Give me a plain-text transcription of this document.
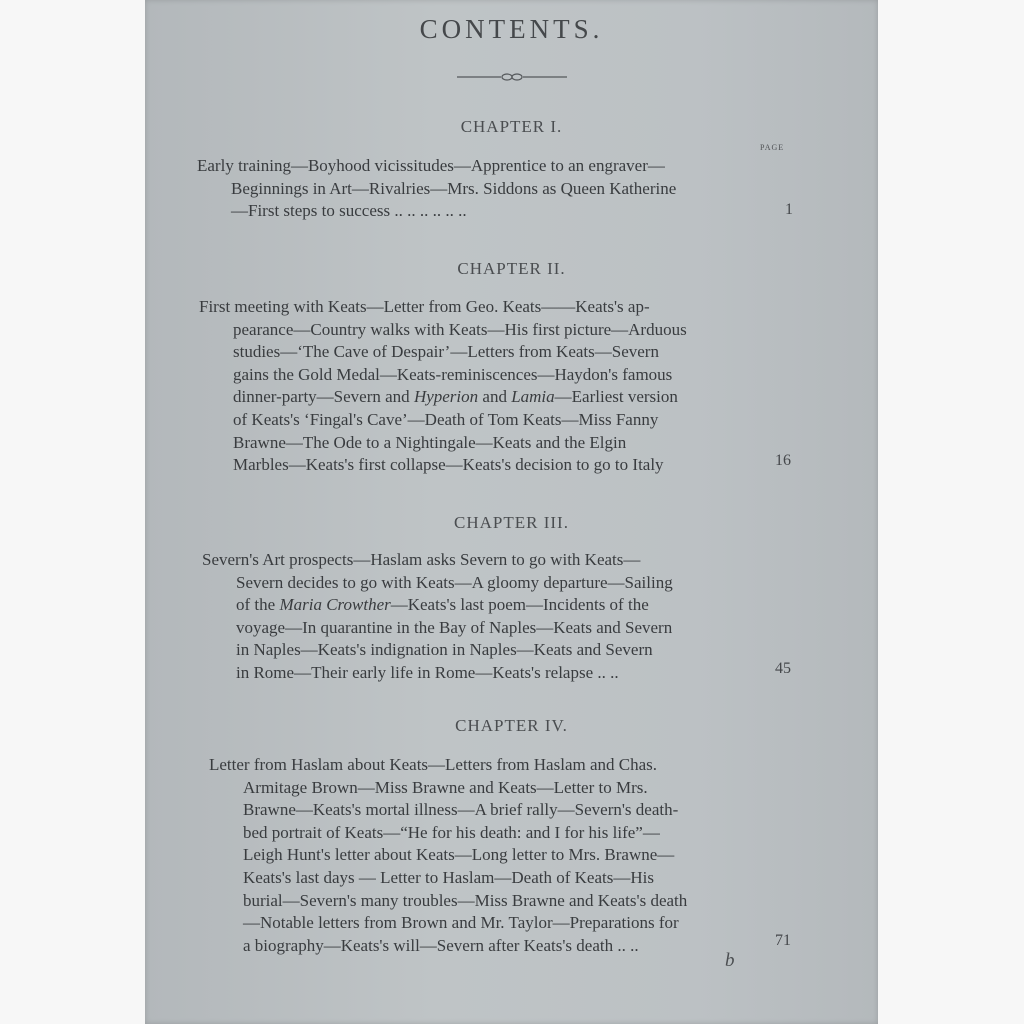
CONTENTS.
CHAPTER I.
PAGE
Early training—Boyhood vicissitudes—Apprentice to an engraver—
Beginnings in Art—Rivalries—Mrs. Siddons as Queen Katherine
—First steps to success .. .. .. .. .. ..	1
CHAPTER II.
First meeting with Keats—Letter from Geo. Keats——Keats's ap-
pearance—Country walks with Keats—His first picture—Arduous
studies—‘The Cave of Despair’—Letters from Keats—Severn
gains the Gold Medal—Keats-reminiscences—Haydon's famous
dinner-party—Severn and Hyperion and Lamia—Earliest version
of Keats's ‘Fingal's Cave’—Death of Tom Keats—Miss Fanny
Brawne—The Ode to a Nightingale—Keats and the Elgin
Marbles—Keats's first collapse—Keats's decision to go to Italy	16
CHAPTER III.
Severn's Art prospects—Haslam asks Severn to go with Keats—
Severn decides to go with Keats—A gloomy departure—Sailing
of the Maria Crowther—Keats's last poem—Incidents of the
voyage—In quarantine in the Bay of Naples—Keats and Severn
in Naples—Keats's indignation in Naples—Keats and Severn
in Rome—Their early life in Rome—Keats's relapse .. ..	45
CHAPTER IV.
Letter from Haslam about Keats—Letters from Haslam and Chas.
Armitage Brown—Miss Brawne and Keats—Letter to Mrs.
Brawne—Keats's mortal illness—A brief rally—Severn's death-
bed portrait of Keats—“He for his death: and I for his life”—
Leigh Hunt's letter about Keats—Long letter to Mrs. Brawne—
Keats's last days — Letter to Haslam—Death of Keats—His
burial—Severn's many troubles—Miss Brawne and Keats's death
—Notable letters from Brown and Mr. Taylor—Preparations for
a biography—Keats's will—Severn after Keats's death .. ..	71
b
